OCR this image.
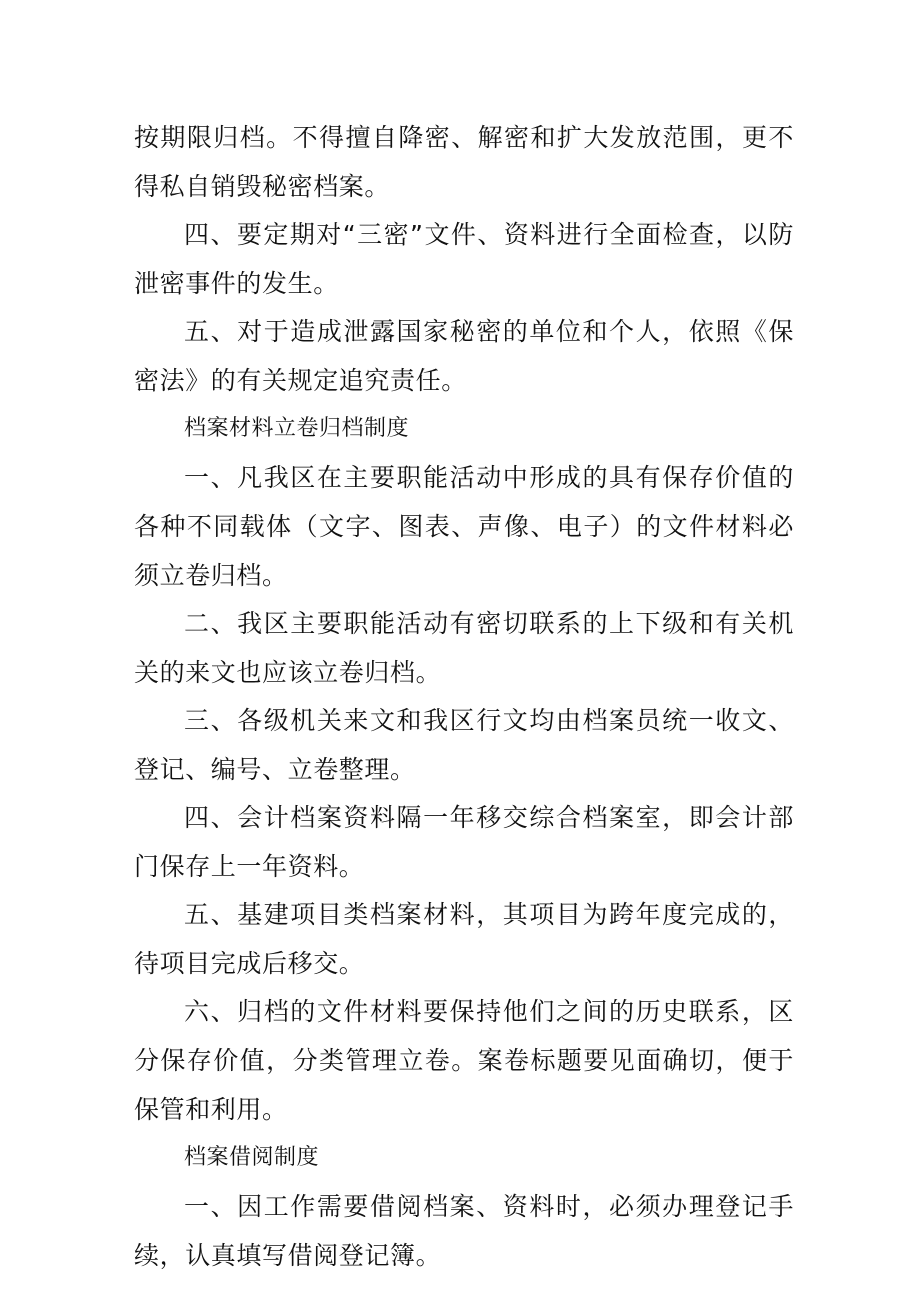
按期限归档。不得擅自降密、解密和扩大发放范围，更不得私自销毁秘密档案。

四、要定期对“三密”文件、资料进行全面检查，以防泄密事件的发生。

五、对于造成泄露国家秘密的单位和个人，依照《保密法》的有关规定追究责任。

档案材料立卷归档制度

一、凡我区在主要职能活动中形成的具有保存价值的各种不同载体（文字、图表、声像、电子）的文件材料必须立卷归档。

二、我区主要职能活动有密切联系的上下级和有关机关的来文也应该立卷归档。

三、各级机关来文和我区行文均由档案员统一收文、登记、编号、立卷整理。

四、会计档案资料隔一年移交综合档案室，即会计部门保存上一年资料。

五、基建项目类档案材料，其项目为跨年度完成的，待项目完成后移交。

六、归档的文件材料要保持他们之间的历史联系，区分保存价值，分类管理立卷。案卷标题要见面确切，便于保管和利用。

档案借阅制度

一、因工作需要借阅档案、资料时，必须办理登记手续，认真填写借阅登记簿。
